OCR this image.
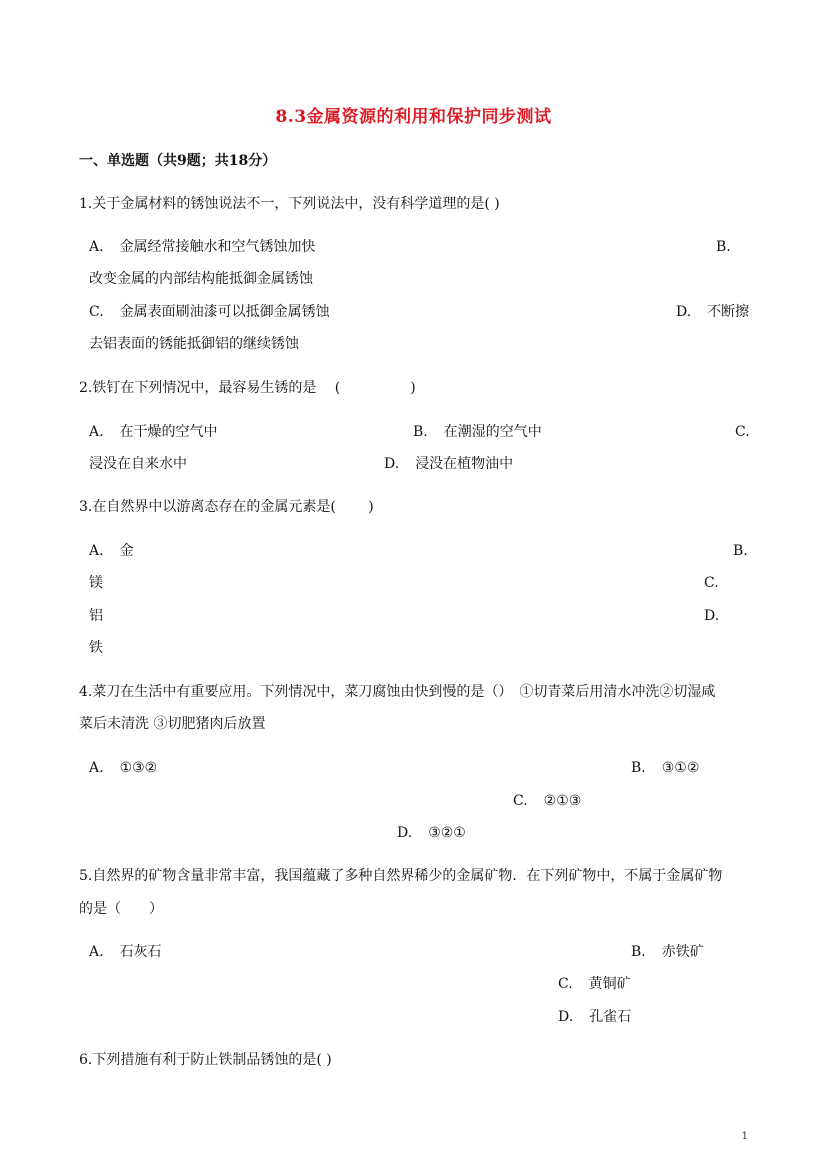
8.3金属资源的利用和保护同步测试
一、单选题（共9题；共18分）
1.关于金属材料的锈蚀说法不一，下列说法中，没有科学道理的是( )
A. 金属经常接触水和空气锈蚀加快	B.
改变金属的内部结构能抵御金属锈蚀
C. 金属表面刷油漆可以抵御金属锈蚀	D. 不断擦
去铝表面的锈能抵御铝的继续锈蚀
2.铁钉在下列情况中，最容易生锈的是　 (　　　　　)
A. 在干燥的空气中	B. 在潮湿的空气中	C.
浸没在自来水中	D. 浸没在植物油中
3.在自然界中以游离态存在的金属元素是(　　 )
A. 金	B.
镁	C.
铝	D.
铁
4.菜刀在生活中有重要应用。下列情况中，菜刀腐蚀由快到慢的是（）　①切青菜后用清水冲洗②切湿咸
菜后未清洗 ③切肥猪肉后放置
A. ①③②	B. ③①②
C. ②①③
D. ③②①
5.自然界的矿物含量非常丰富，我国蕴藏了多种自然界稀少的金属矿物．在下列矿物中，不属于金属矿物
的是（　　）
A. 石灰石	B. 赤铁矿
C. 黄铜矿
D. 孔雀石
6.下列措施有利于防止铁制品锈蚀的是( )
1
